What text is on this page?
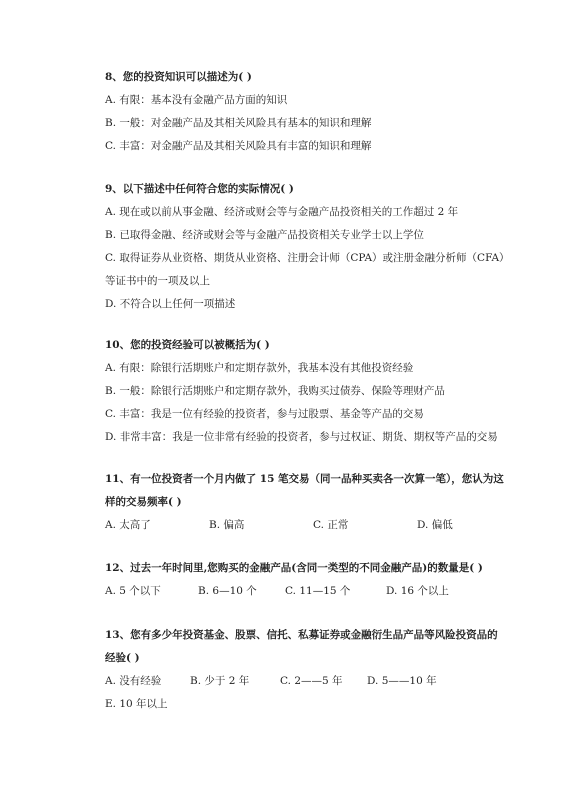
8、您的投资知识可以描述为( )

A. 有限：基本没有金融产品方面的知识

B. 一般：对金融产品及其相关风险具有基本的知识和理解

C. 丰富：对金融产品及其相关风险具有丰富的知识和理解

9、以下描述中任何符合您的实际情况( )

A. 现在或以前从事金融、经济或财会等与金融产品投资相关的工作超过 2 年

B. 已取得金融、经济或财会等与金融产品投资相关专业学士以上学位

C. 取得证券从业资格、期货从业资格、注册会计师（CPA）或注册金融分析师（CFA）

等证书中的一项及以上

D. 不符合以上任何一项描述

10、您的投资经验可以被概括为( )

A. 有限：除银行活期账户和定期存款外，我基本没有其他投资经验

B. 一般：除银行活期账户和定期存款外，我购买过债券、保险等理财产品

C. 丰富：我是一位有经验的投资者，参与过股票、基金等产品的交易

D. 非常丰富：我是一位非常有经验的投资者，参与过权证、期货、期权等产品的交易

11、有一位投资者一个月内做了 15 笔交易（同一品种买卖各一次算一笔），您认为这

样的交易频率( )

A. 太高了	B. 偏高	C. 正常	D. 偏低

12、过去一年时间里,您购买的金融产品(含同一类型的不同金融产品)的数量是( )

A. 5 个以下	B. 6—10 个	C. 11—15 个	D. 16 个以上

13、您有多少年投资基金、股票、信托、私募证券或金融衍生品产品等风险投资品的

经验( )

A. 没有经验	B. 少于 2 年	C. 2——5 年	D. 5——10 年

E. 10 年以上
